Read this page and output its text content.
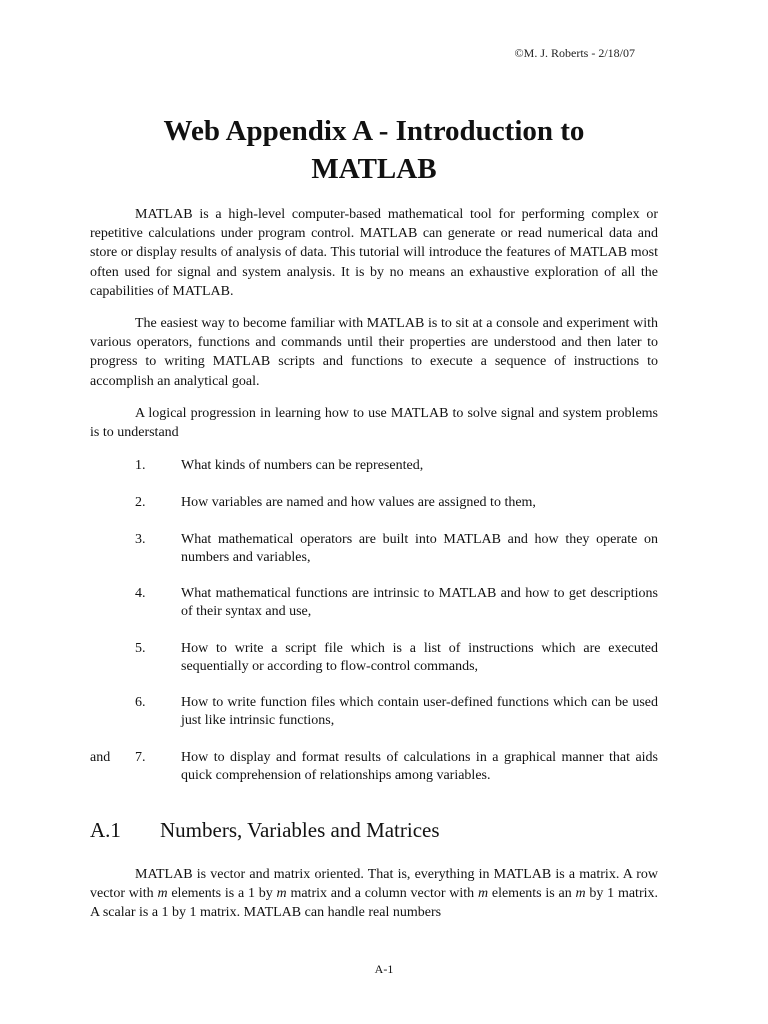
©M. J. Roberts - 2/18/07
Web Appendix A - Introduction to
MATLAB

MATLAB is a high-level computer-based mathematical tool for performing complex or repetitive calculations under program control. MATLAB can generate or read numerical data and store or display results of analysis of data. This tutorial will introduce the features of MATLAB most often used for signal and system analysis. It is by no means an exhaustive exploration of all the capabilities of MATLAB.

The easiest way to become familiar with MATLAB is to sit at a console and experiment with various operators, functions and commands until their properties are understood and then later to progress to writing MATLAB scripts and functions to execute a sequence of instructions to accomplish an analytical goal.

A logical progression in learning how to use MATLAB to solve signal and system problems is to understand

1.	What kinds of numbers can be represented,
2.	How variables are named and how values are assigned to them,
3.	What mathematical operators are built into MATLAB and how they operate on numbers and variables,
4.	What mathematical functions are intrinsic to MATLAB and how to get descriptions of their syntax and use,
5.	How to write a script file which is a list of instructions which are executed sequentially or according to flow-control commands,
6.	How to write function files which contain user-defined functions which can be used just like intrinsic functions,
and 7.	How to display and format results of calculations in a graphical manner that aids quick comprehension of relationships among variables.
A.1 Numbers, Variables and Matrices

MATLAB is vector and matrix oriented. That is, everything in MATLAB is a matrix. A row vector with m elements is a 1 by m matrix and a column vector with m elements is an m by 1 matrix. A scalar is a 1 by 1 matrix. MATLAB can handle real numbers

A-1
